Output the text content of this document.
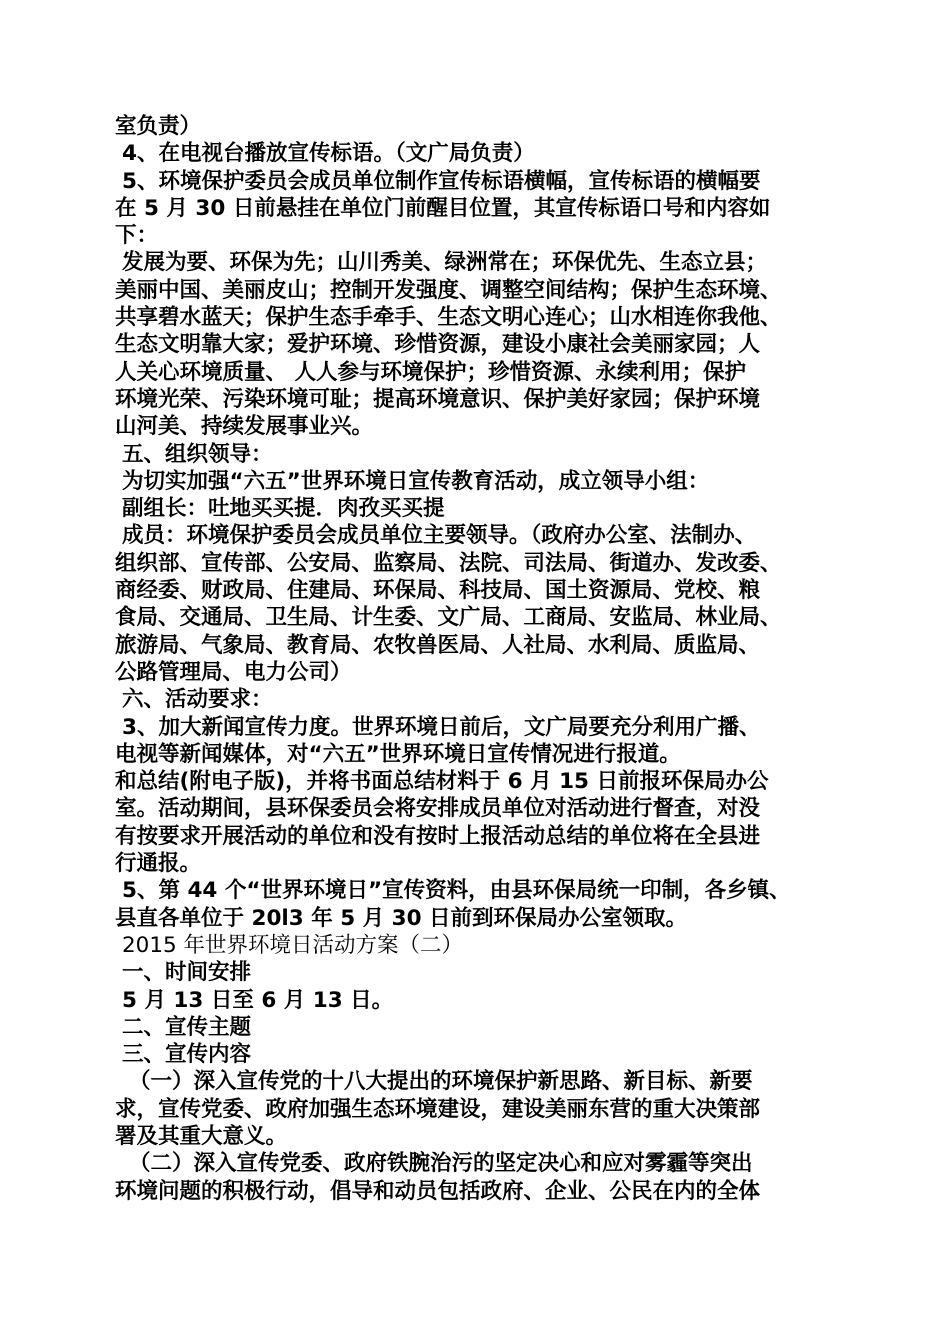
室负责）
4、在电视台播放宣传标语。（文广局负责）
5、环境保护委员会成员单位制作宣传标语横幅，宣传标语的横幅要
在 5 月 30 日前悬挂在单位门前醒目位置，其宣传标语口号和内容如
下：
发展为要、环保为先；山川秀美、绿洲常在；环保优先、生态立县；
美丽中国、美丽皮山；控制开发强度、调整空间结构；保护生态环境、
共享碧水蓝天；保护生态手牵手、生态文明心连心；山水相连你我他、
生态文明靠大家；爱护环境、珍惜资源，建设小康社会美丽家园；人
人关心环境质量、 人人参与环境保护；珍惜资源、永续利用；保护
环境光荣、污染环境可耻；提高环境意识、保护美好家园；保护环境
山河美、持续发展事业兴。
五、组织领导：
为切实加强“六五”世界环境日宣传教育活动，成立领导小组：
副组长：吐地买买提．肉孜买买提
成员：环境保护委员会成员单位主要领导。（政府办公室、法制办、
组织部、宣传部、公安局、监察局、法院、司法局、街道办、发改委、
商经委、财政局、住建局、环保局、科技局、国土资源局、党校、粮
食局、交通局、卫生局、计生委、文广局、工商局、安监局、林业局、
旅游局、气象局、教育局、农牧兽医局、人社局、水利局、质监局、
公路管理局、电力公司）
六、活动要求：
3、加大新闻宣传力度。世界环境日前后，文广局要充分利用广播、
电视等新闻媒体，对“六五”世界环境日宣传情况进行报道。
和总结(附电子版)，并将书面总结材料于 6 月 15 日前报环保局办公
室。活动期间，县环保委员会将安排成员单位对活动进行督查，对没
有按要求开展活动的单位和没有按时上报活动总结的单位将在全县进
行通报。
5、第 44 个“世界环境日”宣传资料，由县环保局统一印制，各乡镇、
县直各单位于 20l3 年 5 月 30 日前到环保局办公室领取。
2015 年世界环境日活动方案（二）
一、时间安排
5 月 13 日至 6 月 13 日。
二、宣传主题
三、宣传内容
（一）深入宣传党的十八大提出的环境保护新思路、新目标、新要
求，宣传党委、政府加强生态环境建设，建设美丽东营的重大决策部
署及其重大意义。
（二）深入宣传党委、政府铁腕治污的坚定决心和应对雾霾等突出
环境问题的积极行动，倡导和动员包括政府、企业、公民在内的全体
